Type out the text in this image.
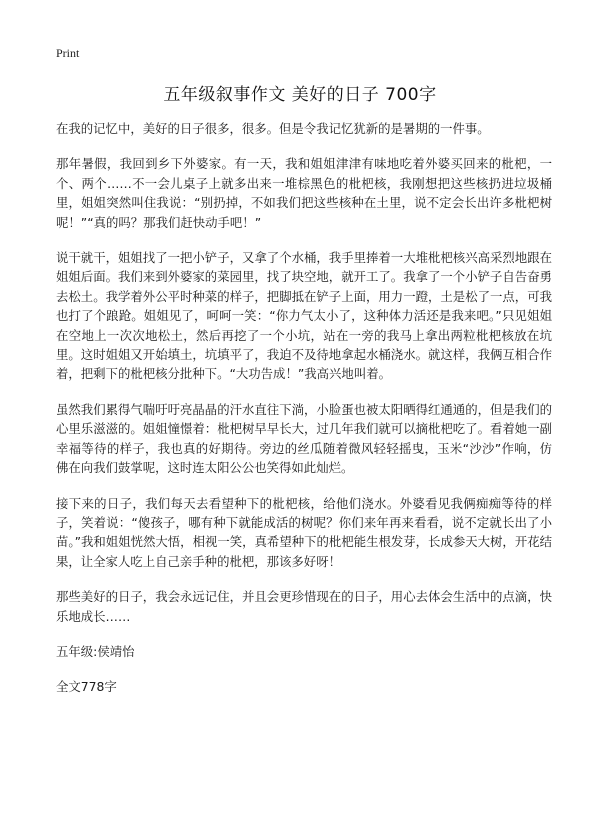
Print
五年级叙事作文 美好的日子 700字

在我的记忆中，美好的日子很多，很多。但是令我记忆犹新的是暑期的一件事。

那年暑假，我回到乡下外婆家。有一天，我和姐姐津津有味地吃着外婆买回来的枇杷，一个、两个……不一会儿桌子上就多出来一堆棕黑色的枇杷核，我刚想把这些核扔进垃圾桶里，姐姐突然叫住我说：“别扔掉，不如我们把这些核种在土里，说不定会长出许多枇杷树呢！”“真的吗？那我们赶快动手吧！”

说干就干，姐姐找了一把小铲子，又拿了个水桶，我手里捧着一大堆枇杷核兴高采烈地跟在姐姐后面。我们来到外婆家的菜园里，找了块空地，就开工了。我拿了一个小铲子自告奋勇去松土。我学着外公平时种菜的样子，把脚抵在铲子上面，用力一蹬，土是松了一点，可我也打了个踉跄。姐姐见了，呵呵一笑：“你力气太小了，这种体力活还是我来吧。”只见姐姐在空地上一次次地松土，然后再挖了一个小坑，站在一旁的我马上拿出两粒枇杷核放在坑里。这时姐姐又开始填土，坑填平了，我迫不及待地拿起水桶浇水。就这样，我俩互相合作着，把剩下的枇杷核分批种下。“大功告成！”我高兴地叫着。

虽然我们累得气喘吁吁亮晶晶的汗水直往下淌，小脸蛋也被太阳晒得红通通的，但是我们的心里乐滋滋的。姐姐憧憬着：枇杷树早早长大，过几年我们就可以摘枇杷吃了。看着她一副幸福等待的样子，我也真的好期待。旁边的丝瓜随着微风轻轻摇曳，玉米“沙沙”作响，仿佛在向我们鼓掌呢，这时连太阳公公也笑得如此灿烂。

接下来的日子，我们每天去看望种下的枇杷核，给他们浇水。外婆看见我俩痴痴等待的样子，笑着说：“傻孩子，哪有种下就能成活的树呢？你们来年再来看看，说不定就长出了小苗。”我和姐姐恍然大悟，相视一笑，真希望种下的枇杷能生根发芽，长成参天大树，开花结果，让全家人吃上自己亲手种的枇杷，那该多好呀！

那些美好的日子，我会永远记住，并且会更珍惜现在的日子，用心去体会生活中的点滴，快乐地成长……

五年级:侯靖怡

全文778字
